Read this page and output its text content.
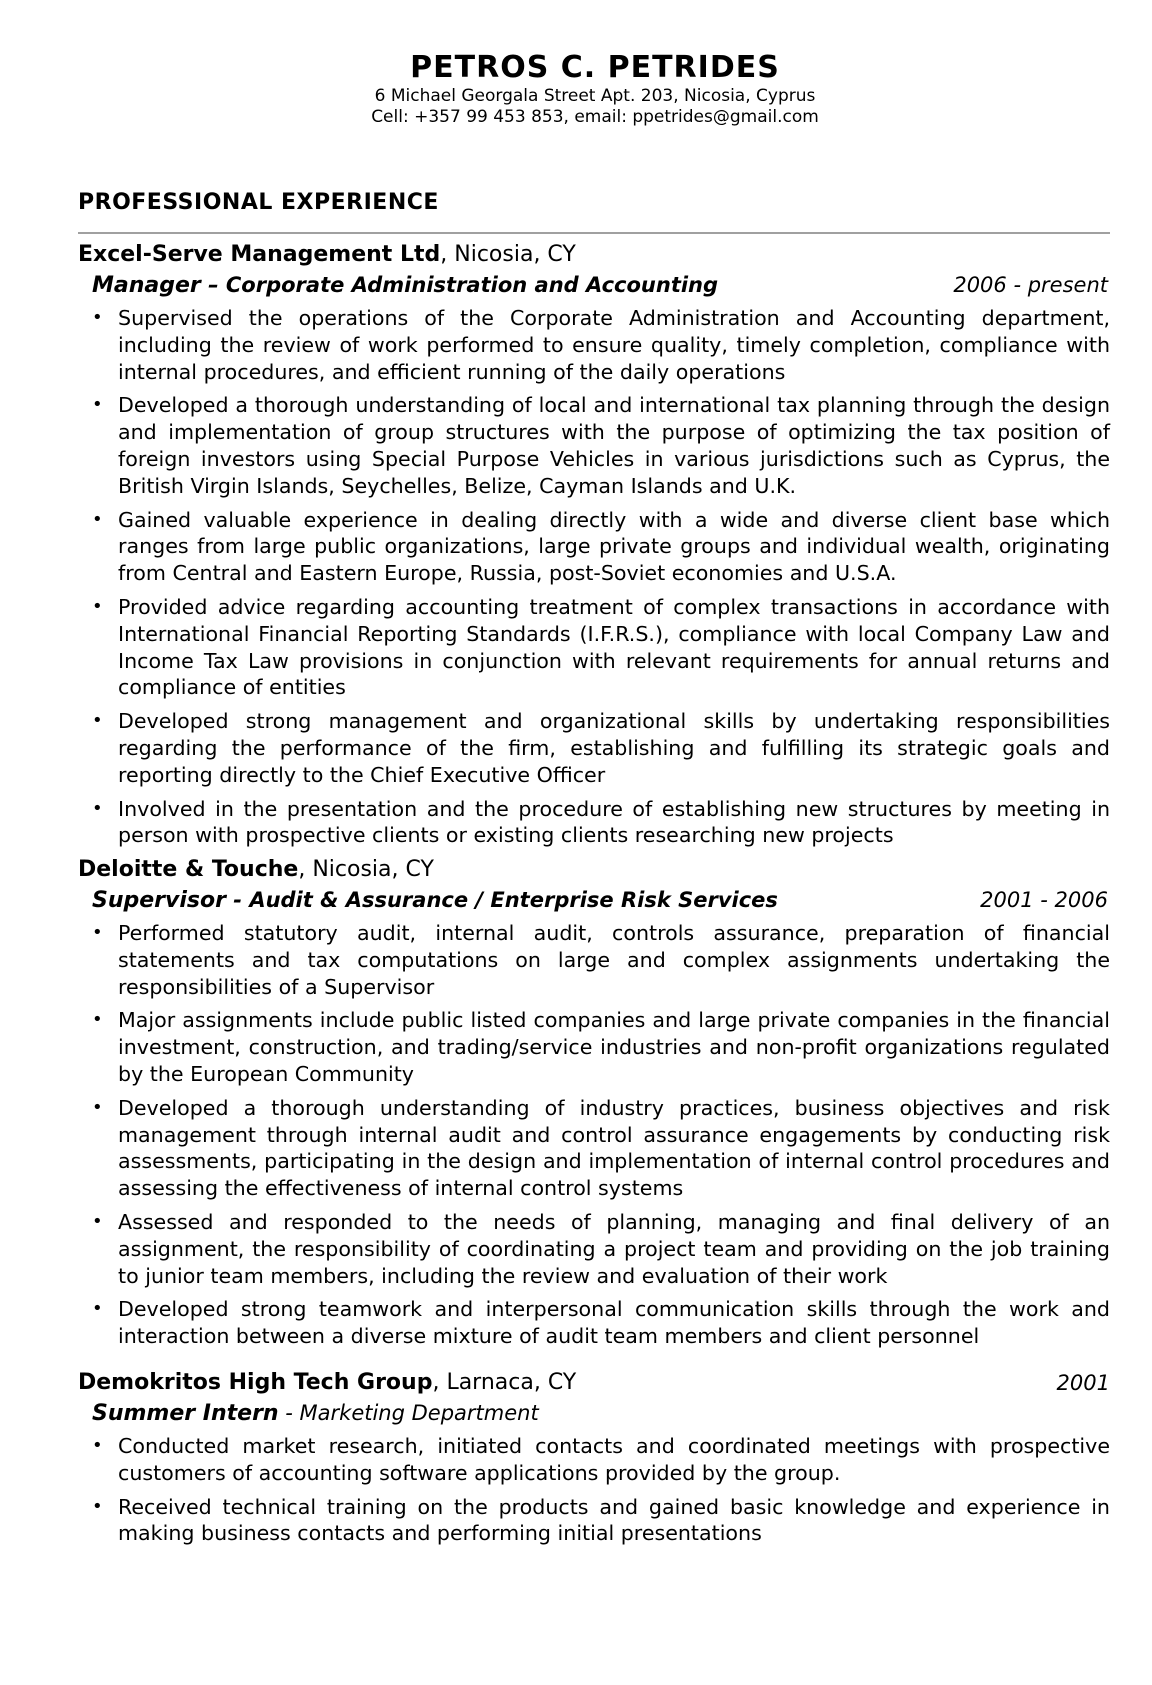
PETROS C. PETRIDES
6 Michael Georgala Street Apt. 203, Nicosia, Cyprus
Cell: +357 99 453 853, email: ppetrides@gmail.com
PROFESSIONAL EXPERIENCE
Excel-Serve Management Ltd, Nicosia, CY
Manager – Corporate Administration and Accounting	2006 - present
• Supervised the operations of the Corporate Administration and Accounting department, including the review of work performed to ensure quality, timely completion, compliance with internal procedures, and efficient running of the daily operations
• Developed a thorough understanding of local and international tax planning through the design and implementation of group structures with the purpose of optimizing the tax position of foreign investors using Special Purpose Vehicles in various jurisdictions such as Cyprus, the British Virgin Islands, Seychelles, Belize, Cayman Islands and U.K.
• Gained valuable experience in dealing directly with a wide and diverse client base which ranges from large public organizations, large private groups and individual wealth, originating from Central and Eastern Europe, Russia, post-Soviet economies and U.S.A.
• Provided advice regarding accounting treatment of complex transactions in accordance with International Financial Reporting Standards (I.F.R.S.), compliance with local Company Law and Income Tax Law provisions in conjunction with relevant requirements for annual returns and compliance of entities
• Developed strong management and organizational skills by undertaking responsibilities regarding the performance of the firm, establishing and fulfilling its strategic goals and reporting directly to the Chief Executive Officer
• Involved in the presentation and the procedure of establishing new structures by meeting in person with prospective clients or existing clients researching new projects
Deloitte & Touche, Nicosia, CY
Supervisor - Audit & Assurance / Enterprise Risk Services	2001 - 2006
• Performed statutory audit, internal audit, controls assurance, preparation of financial statements and tax computations on large and complex assignments undertaking the responsibilities of a Supervisor
• Major assignments include public listed companies and large private companies in the financial investment, construction, and trading/service industries and non-profit organizations regulated by the European Community
• Developed a thorough understanding of industry practices, business objectives and risk management through internal audit and control assurance engagements by conducting risk assessments, participating in the design and implementation of internal control procedures and assessing the effectiveness of internal control systems
• Assessed and responded to the needs of planning, managing and final delivery of an assignment, the responsibility of coordinating a project team and providing on the job training to junior team members, including the review and evaluation of their work
• Developed strong teamwork and interpersonal communication skills through the work and interaction between a diverse mixture of audit team members and client personnel
Demokritos High Tech Group, Larnaca, CY	2001
Summer Intern - Marketing Department
• Conducted market research, initiated contacts and coordinated meetings with prospective customers of accounting software applications provided by the group.
• Received technical training on the products and gained basic knowledge and experience in making business contacts and performing initial presentations
